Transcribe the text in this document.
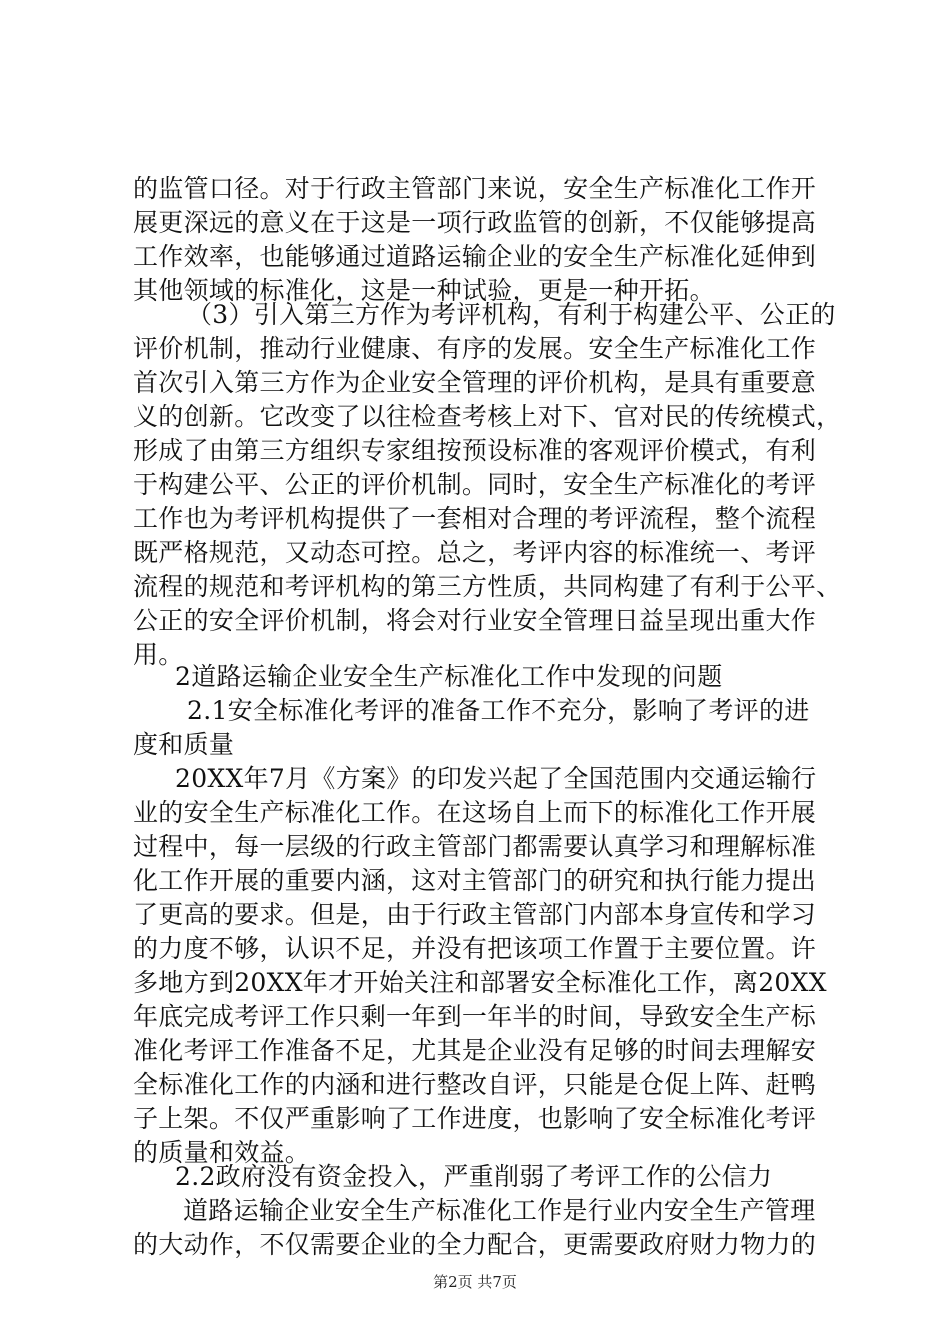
的监管口径。对于行政主管部门来说，安全生产标准化工作开
展更深远的意义在于这是一项行政监管的创新，不仅能够提高
工作效率，也能够通过道路运输企业的安全生产标准化延伸到
其他领域的标准化，这是一种试验，更是一种开拓。
（3）引入第三方作为考评机构，有利于构建公平、公正的
评价机制，推动行业健康、有序的发展。安全生产标准化工作
首次引入第三方作为企业安全管理的评价机构，是具有重要意
义的创新。它改变了以往检查考核上对下、官对民的传统模式，
形成了由第三方组织专家组按预设标准的客观评价模式，有利
于构建公平、公正的评价机制。同时，安全生产标准化的考评
工作也为考评机构提供了一套相对合理的考评流程，整个流程
既严格规范，又动态可控。总之，考评内容的标准统一、考评
流程的规范和考评机构的第三方性质，共同构建了有利于公平、
公正的安全评价机制，将会对行业安全管理日益呈现出重大作
用。
2道路运输企业安全生产标准化工作中发现的问题
2.1安全标准化考评的准备工作不充分，影响了考评的进
度和质量
20XX年7月《方案》的印发兴起了全国范围内交通运输行
业的安全生产标准化工作。在这场自上而下的标准化工作开展
过程中，每一层级的行政主管部门都需要认真学习和理解标准
化工作开展的重要内涵，这对主管部门的研究和执行能力提出
了更高的要求。但是，由于行政主管部门内部本身宣传和学习
的力度不够，认识不足，并没有把该项工作置于主要位置。许
多地方到20XX年才开始关注和部署安全标准化工作，离20XX
年底完成考评工作只剩一年到一年半的时间，导致安全生产标
准化考评工作准备不足，尤其是企业没有足够的时间去理解安
全标准化工作的内涵和进行整改自评，只能是仓促上阵、赶鸭
子上架。不仅严重影响了工作进度，也影响了安全标准化考评
的质量和效益。
2.2政府没有资金投入，严重削弱了考评工作的公信力
道路运输企业安全生产标准化工作是行业内安全生产管理
的大动作，不仅需要企业的全力配合，更需要政府财力物力的
第2页 共7页
